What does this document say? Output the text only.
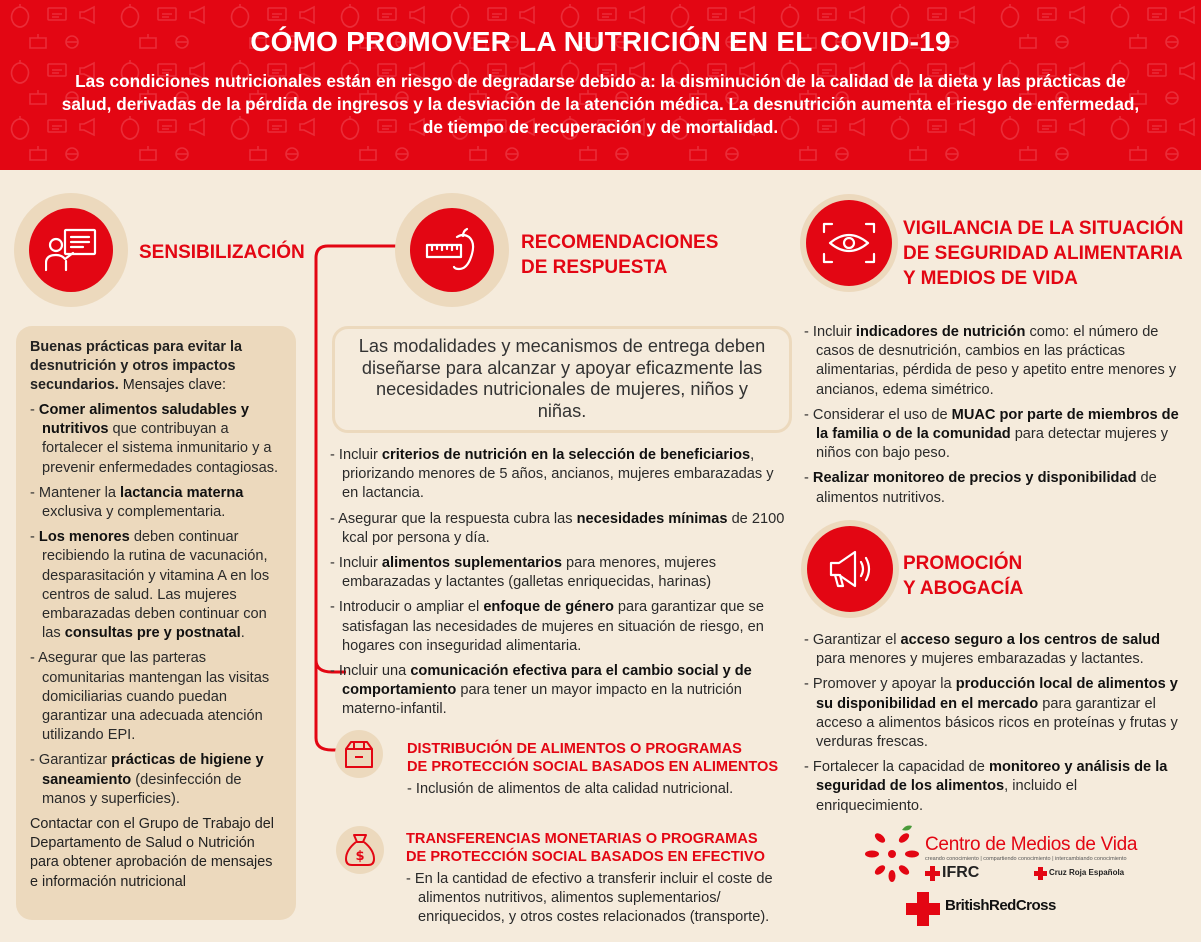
CÓMO PROMOVER LA NUTRICIÓN EN EL COVID-19
Las condiciones nutricionales están en riesgo de degradarse debido a: la disminución de la calidad de la dieta y las prácticas de salud, derivadas de la pérdida de ingresos y la desviación de la atención médica. La desnutrición aumenta el riesgo de enfermedad, de tiempo de recuperación y de mortalidad.
SENSIBILIZACIÓN
Buenas prácticas para evitar la desnutrición y otros impactos secundarios. Mensajes clave:

- Comer alimentos saludables y nutritivos que contribuyan a fortalecer el sistema inmunitario y a prevenir enfermedades contagiosas.

- Mantener la lactancia materna exclusiva y complementaria.

- Los menores deben continuar recibiendo la rutina de vacunación, desparasitación y vitamina A en los centros de salud. Las mujeres embarazadas deben continuar con las consultas pre y postnatal.

- Asegurar que las parteras comunitarias mantengan las visitas domiciliarias cuando puedan garantizar una adecuada atención utilizando EPI.

- Garantizar prácticas de higiene y saneamiento (desinfección de manos y superficies).

Contactar con el Grupo de Trabajo del Departamento de Salud o Nutrición para obtener aprobación de mensajes e información nutricional
RECOMENDACIONES
DE RESPUESTA
Las modalidades y mecanismos de entrega deben diseñarse para alcanzar y apoyar eficazmente las necesidades nutricionales de mujeres, niños y niñas.

- Incluir criterios de nutrición en la selección de beneficiarios, priorizando menores de 5 años, ancianos, mujeres embarazadas y en lactancia.

- Asegurar que la respuesta cubra las necesidades mínimas de 2100 kcal por persona y día.

- Incluir alimentos suplementarios para menores, mujeres embarazadas y lactantes (galletas enriquecidas, harinas)

- Introducir o ampliar el enfoque de género para garantizar que se satisfagan las necesidades de mujeres en situación de riesgo, en hogares con inseguridad alimentaria.

- Incluir una comunicación efectiva para el cambio social y de comportamiento para tener un mayor impacto en la nutrición materno-infantil.

DISTRIBUCIÓN DE ALIMENTOS O PROGRAMAS
DE PROTECCIÓN SOCIAL BASADOS EN ALIMENTOS

- Inclusión de alimentos de alta calidad nutricional.

$
TRANSFERENCIAS MONETARIAS O PROGRAMAS
DE PROTECCIÓN SOCIAL BASADOS EN EFECTIVO

- En la cantidad de efectivo a transferir incluir el coste de alimentos nutritivos, alimentos suplementarios/ enriquecidos, y otros costes relacionados (transporte).

VIGILANCIA DE LA SITUACIÓN
DE SEGURIDAD ALIMENTARIA
Y MEDIOS DE VIDA

- Incluir indicadores de nutrición como: el número de casos de desnutrición, cambios en las prácticas alimentarias, pérdida de peso y apetito entre menores y ancianos, edema simétrico.

- Considerar el uso de MUAC por parte de miembros de la familia o de la comunidad para detectar mujeres y niños con bajo peso.

- Realizar monitoreo de precios y disponibilidad de alimentos nutritivos.

PROMOCIÓN
Y ABOGACÍA

- Garantizar el acceso seguro a los centros de salud para menores y mujeres embarazadas y lactantes.

- Promover y apoyar la producción local de alimentos y su disponibilidad en el mercado para garantizar el acceso a alimentos básicos ricos en proteínas y frutas y verduras frescas.

- Fortalecer la capacidad de monitoreo y análisis de la seguridad de los alimentos, incluido el enriquecimiento.

Centro de Medios de Vida
creando conocimiento | compartiendo conocimiento | intercambiando conocimiento
IFRC	Cruz Roja Española
BritishRedCross
